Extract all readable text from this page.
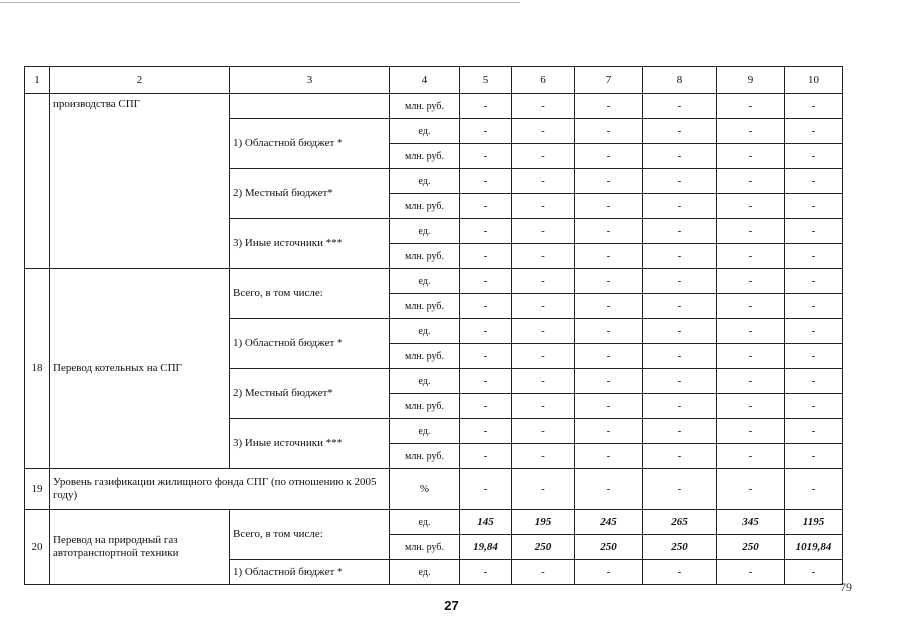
1	2	3	4	5	6	7	8	9	10
	производства СПГ		млн. руб.	-	-	-	-	-	-
		1) Областной бюджет *	ед.	-	-	-	-	-	-
			млн. руб.	-	-	-	-	-	-
		2) Местный бюджет*	ед.	-	-	-	-	-	-
			млн. руб.	-	-	-	-	-	-
		3) Иные источники ***	ед.	-	-	-	-	-	-
			млн. руб.	-	-	-	-	-	-
18	Перевод котельных на СПГ	Всего, в том числе:	ед.	-	-	-	-	-	-
			млн. руб.	-	-	-	-	-	-
		1) Областной бюджет *	ед.	-	-	-	-	-	-
			млн. руб.	-	-	-	-	-	-
		2) Местный бюджет*	ед.	-	-	-	-	-	-
			млн. руб.	-	-	-	-	-	-
		3) Иные источники ***	ед.	-	-	-	-	-	-
			млн. руб.	-	-	-	-	-	-
19	Уровень газификации жилищного фонда СПГ (по отношению к 2005 году)		%	-	-	-	-	-	-
20	Перевод на природный газ автотранспортной техники	Всего, в том числе:	ед.	145	195	245	265	345	1195
			млн. руб.	19,84	250	250	250	250	1019,84
		1) Областной бюджет *	ед.	-	-	-	-	-	-
27
79
